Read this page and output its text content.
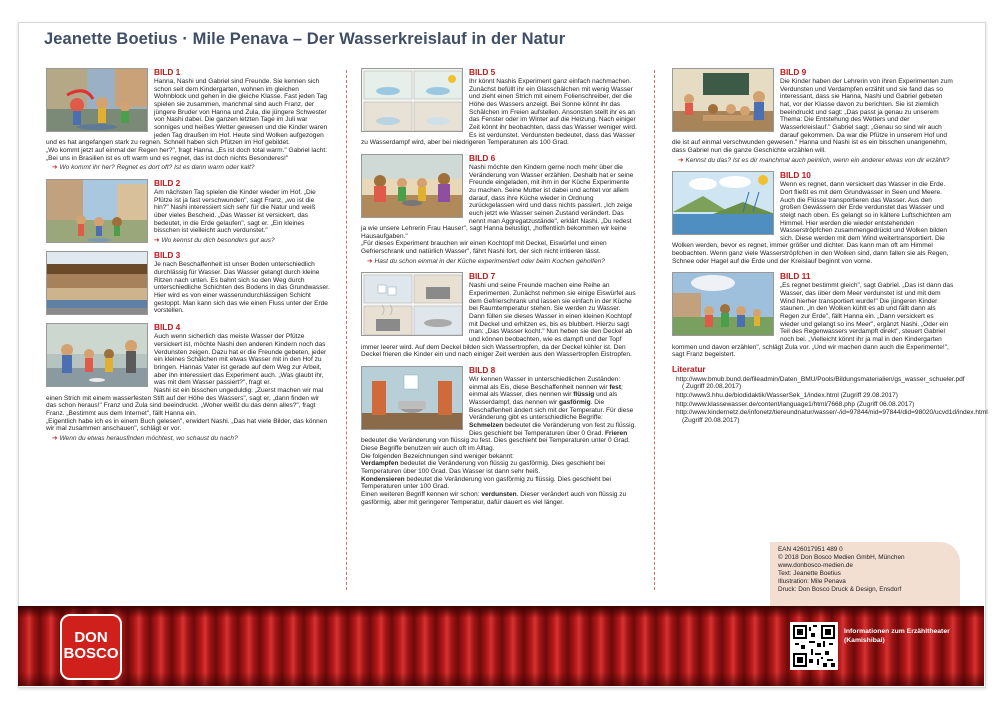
Jeanette Boetius · Mile Penava – Der Wasserkreislauf in der Natur
BILD 1
Hanna, Nashi und Gabriel sind Freunde. Sie kennen sich schon seit dem Kindergarten, wohnen im gleichen Wohnblock und gehen in die gleiche Klasse. Fast jeden Tag spielen sie zusammen, manchmal sind auch Franz, der jüngere Bruder von Hanna und Zula, die jüngere Schwester von Nashi dabei. Die ganzen letzten Tage im Juli war sonniges und heißes Wetter gewesen und die Kinder waren jeden Tag draußen im Hof. Heute sind Wolken aufgezogen und es hat angefangen stark zu regnen. Schnell haben sich Pfützen im Hof gebildet.
„Wo kommt jetzt auf einmal der Regen her?", fragt Hanna. „Es ist doch total warm." Gabriel lacht: „Bei uns in Brasilien ist es oft warm und es regnet, das ist doch nichts Besonderes!"
➔ Wo kommt ihr her? Regnet es dort oft? Ist es dann warm oder kalt?
BILD 2
Am nächsten Tag spielen die Kinder wieder im Hof. „Die Pfütze ist ja fast verschwunden", sagt Franz, „wo ist die hin?" Nashi interessiert sich sehr für die Natur und weiß über vieles Bescheid. „Das Wasser ist versickert, das bedeutet, in die Erde gelaufen", sagt er. „Ein kleines bisschen ist vielleicht auch verdunstet."
➔ Wo kennst du dich besonders gut aus?
BILD 3
Je nach Beschaffenheit ist unser Boden unterschiedlich durchlässig für Wasser. Das Wasser gelangt durch kleine Ritzen nach unten. Es bahnt sich so den Weg durch unterschiedliche Schichten des Bodens in das Grundwasser. Hier wird es von einer wasserundurchlässigen Schicht gestoppt. Man kann sich das wie einen Fluss unter der Erde vorstellen.
BILD 4
Auch wenn sicherlich das meiste Wasser der Pfütze versickert ist, möchte Nashi den anderen Kindern noch das Verdunsten zeigen. Dazu hat er die Freunde gebeten, jeder ein kleines Schälchen mit etwas Wasser mit in den Hof zu bringen. Hannas Vater ist gerade auf dem Weg zur Arbeit, aber ihn interessiert das Experiment auch. „Was glaubt ihr, was mit dem Wasser passiert?", fragt er.
Nashi ist ein bisschen ungeduldig: „Zuerst machen wir mal einen Strich mit einem wasserfesten Stift auf der Höhe des Wassers", sagt er, „dann finden wir das schon heraus!" Franz und Zula sind beeindruckt. „Woher weißt du das denn alles?", fragt Franz. „Bestimmt aus dem Internet", fällt Hanna ein.
„Eigentlich habe ich es in einem Buch gelesen", erwidert Nashi. „Das hat viele Bilder, das können wir mal zusammen anschauen", schlägt er vor.
➔ Wenn du etwas herausfinden möchtest, wo schaust du nach?
BILD 5
Ihr könnt Nashis Experiment ganz einfach nachmachen. Zunächst befüllt ihr ein Glasschälchen mit wenig Wasser und zieht einen Strich mit einem Folienschreiber, der die Höhe des Wassers anzeigt. Bei Sonne könnt ihr das Schälchen im Freien aufstellen. Ansonsten stellt ihr es an das Fenster oder im Winter auf die Heizung. Nach einiger Zeit könnt ihr beobachten, dass das Wasser weniger wird. Es ist verdunstet. Verdunsten bedeutet, dass das Wasser zu Wasserdampf wird, aber bei niedrigeren Temperaturen als 100 Grad.
BILD 6
Nashi möchte den Kindern gerne noch mehr über die Veränderung von Wasser erzählen. Deshalb hat er seine Freunde eingeladen, mit ihm in der Küche Experimente zu machen. Seine Mutter ist dabei und achtet vor allem darauf, dass ihre Küche wieder in Ordnung zurückgelassen wird und dass nichts passiert. „Ich zeige euch jetzt wie Wasser seinen Zustand verändert. Das nennt man Aggregatzustände", erklärt Nashi. „Du redest ja wie unsere Lehrerin Frau Hauser", sagt Hanna belustigt, „hoffentlich bekommen wir keine Hausaufgaben."
„Für dieses Experiment brauchen wir einen Kochtopf mit Deckel, Eiswürfel und einen Gefrierschrank und natürlich Wasser", fährt Nashi fort, der sich nicht irritieren lässt.
➔ Hast du schon einmal in der Küche experimentiert oder beim Kochen geholfen?
BILD 7
Nashi und seine Freunde machen eine Reihe an Experimenten. Zunächst nehmen sie einige Eiswürfel aus dem Gefrierschrank und lassen sie einfach in der Küche bei Raumtemperatur stehen. Sie werden zu Wasser. Dann füllen sie dieses Wasser in einen kleinen Kochtopf mit Deckel und erhitzen es, bis es blubbert. Hierzu sagt man: „Das Wasser kocht." Nun heben sie den Deckel ab und können beobachten, wie es dampft und der Topf immer leerer wird. Auf dem Deckel bilden sich Wassertropfen, da der Deckel kühler ist. Den Deckel frieren die Kinder ein und nach einiger Zeit werden aus den Wassertropfen Eistropfen.
BILD 8
Wir kennen Wasser in unterschiedlichen Zuständen: einmal als Eis, diese Beschaffenheit nennen wir fest; einmal als Wasser, dies nennen wir flüssig und als Wasserdampf, das nennen wir gasförmig. Die Beschaffenheit ändert sich mit der Temperatur. Für diese Veränderung gibt es unterschiedliche Begriffe: Schmelzen bedeutet die Veränderung von fest zu flüssig. Dies geschieht bei Temperaturen über 0 Grad. Frieren bedeutet die Veränderung von flüssig zu fest. Dies geschieht bei Temperaturen unter 0 Grad. Diese Begriffe benutzen wir auch oft im Alltag.
Die folgenden Bezeichnungen sind weniger bekannt:
Verdampfen bedeutet die Veränderung von flüssig zu gasförmig. Dies geschieht bei Temperaturen über 100 Grad. Das Wasser ist dann sehr heiß.
Kondensieren bedeutet die Veränderung von gasförmig zu flüssig. Dies geschieht bei Temperaturen unter 100 Grad.
Einen weiteren Begriff kennen wir schon: verdunsten. Dieser verändert auch von flüssig zu gasförmig, aber mit geringerer Temperatur, dafür dauert es viel länger.
BILD 9
Die Kinder haben der Lehrerin von ihren Experimenten zum Verdunsten und Verdampfen erzählt und sie fand das so interessant, dass sie Hanna, Nashi und Gabriel gebeten hat, vor der Klasse davon zu berichten. Sie ist ziemlich beeindruckt und sagt: „Das passt ja genau zu unserem Thema: Die Entstehung des Wetters und der Wasserkreislauf." Gabriel sagt: „Genau so sind wir auch darauf gekommen. Da war die Pfütze in unserem Hof und die ist auf einmal verschwunden gewesen." Hanna und Nashi ist es ein bisschen unangenehm, dass Gabriel nun die ganze Geschichte erzählen will.
➔ Kennst du das? Ist es dir manchmal auch peinlich, wenn ein anderer etwas von dir erzählt?
BILD 10
Wenn es regnet, dann versickert das Wasser in die Erde. Dort fließt es mit dem Grundwasser in Seen und Meere. Auch die Flüsse transportieren das Wasser. Aus den großen Gewässern der Erde verdunstet das Wasser und steigt nach oben. Es gelangt so in kältere Luftschichten am Himmel. Hier werden die wieder entstehenden Wasserströpfchen zusammengedrückt und Wolken bilden sich. Diese werden mit dem Wind weitertransportiert. Die Wolken werden, bevor es regnet, immer größer und dichter. Das kann man oft am Himmel beobachten. Wenn ganz viele Wasserströpfchen in den Wolken sind, dann fallen sie als Regen, Schnee oder Hagel auf die Erde und der Kreislauf beginnt von vorne.
BILD 11
„Es regnet bestimmt gleich", sagt Gabriel. „Das ist dann das Wasser, das über dem Meer verdunstet ist und mit dem Wind hierher transportiert wurde!" Die jüngeren Kinder staunen. „In den Wolken kühlt es ab und fällt dann als Regen zur Erde", fällt Hanna ein. „Dann versickert es wieder und gelangt so ins Meer", ergänzt Nashi. „Oder ein Teil des Regenwassers verdampft direkt", steuert Gabriel noch bei. „Vielleicht könnt ihr ja mal in den Kindergarten kommen und davon erzählen", schlägt Zula vor. „Und wir machen dann auch die Experimente!", sagt Franz begeistert.
Literatur
http://www.bmub.bund.de/fileadmin/Daten_BMU/Pools/Bildungsmaterialien/gs_wasser_schueler.pdf ( Zugriff 20.08.2017)
http://www3.hhu.de/biodidaktik/WasserSek_1/index.html (Zugriff 29.08.2017)
http://www.klassewasser.de/content/language1/html/7668.php (Zugriff 06.08.2017)
http://www.kindernetz.de/infonetz/tiereundnatur/wasser/-/id=97844/nid=97844/did=98020/ucvd1d/index.html (Zugriff 20.08.2017)
EAN 426017951 489 0
© 2018 Don Bosco Medien GmbH, München
www.donbosco-medien.de
Text: Jeanette Boetius
Illustration: Mile Penava
Druck: Don Bosco Druck & Design, Ensdorf
DON
BOSCO
Informationen zum Erzähltheater
(Kamishibai)
